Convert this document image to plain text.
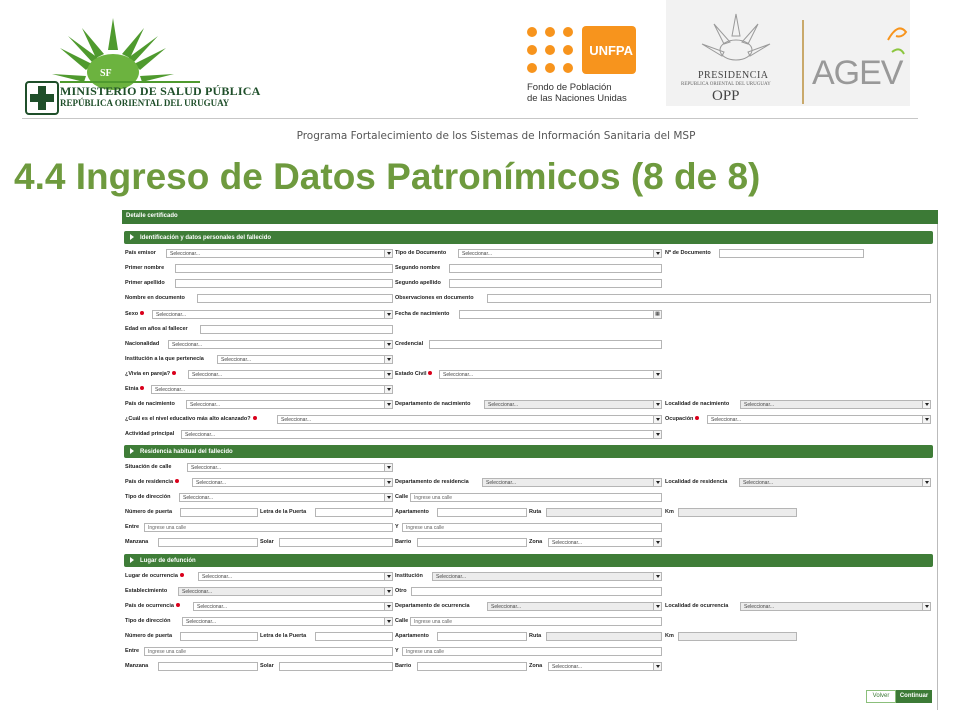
SF
MINISTERIO DE SALUD PÚBLICA
REPÚBLICA ORIENTAL DEL URUGUAY
UNFPA
Fondo de Población
de las Naciones Unidas
PRESIDENCIA
REPUBLICA ORIENTAL DEL URUGUAY
OPP
AGEV
Programa Fortalecimiento de los Sistemas de Información Sanitaria del MSP
4.4 Ingreso de Datos Patronímicos (8 de 8)
Detalle certificado
Identificación y datos personales del fallecido
País emisor	Seleccionar...	Tipo de Documento	Seleccionar...	Nº de Documento
Primer nombre	Segundo nombre
Primer apellido	Segundo apellido
Nombre en documento	Observaciones en documento
Sexo	Seleccionar...	Fecha de nacimiento	▦
Edad en años al fallecer
Nacionalidad	Seleccionar...	Credencial
Institución a la que pertenecía	Seleccionar...
¿Vivía en pareja?	Seleccionar...	Estado Civil	Seleccionar...
Etnia	Seleccionar...
País de nacimiento	Seleccionar...	Departamento de nacimiento	Seleccionar...	Localidad de nacimiento	Seleccionar...
¿Cuál es el nivel educativo más alto alcanzado?	Seleccionar...	Ocupación	Seleccionar...
Actividad principal	Seleccionar...
Residencia habitual del fallecido
Situación de calle	Seleccionar...
País de residencia	Seleccionar...	Departamento de residencia	Seleccionar...	Localidad de residencia	Seleccionar...
Tipo de dirección	Seleccionar...	Calle	Ingrese una calle
Número de puerta	Letra de la Puerta	Apartamento	Ruta	Km
Entre	Ingrese una calle	Y	Ingrese una calle
Manzana	Solar	Barrio	Zona	Seleccionar...
Lugar de defunción
Lugar de ocurrencia	Seleccionar...	Institución	Seleccionar...
Establecimiento	Seleccionar...	Otro
País de ocurrencia	Seleccionar...	Departamento de ocurrencia	Seleccionar...	Localidad de ocurrencia	Seleccionar...
Tipo de dirección	Seleccionar...	Calle	Ingrese una calle
Número de puerta	Letra de la Puerta	Apartamento	Ruta	Km
Entre	Ingrese una calle	Y	Ingrese una calle
Manzana	Solar	Barrio	Zona	Seleccionar...
Volver	Continuar
